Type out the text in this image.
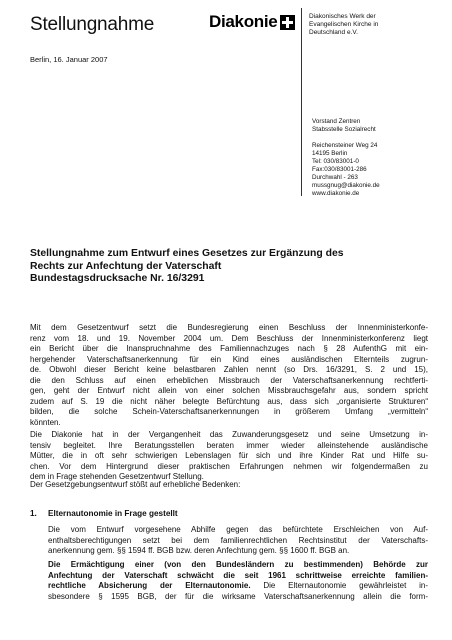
Stellungnahme	Diakonie	Diakonisches Werk der
Evangelischen Kirche in
Deutschland e.V.
Berlin, 16. Januar 2007
Vorstand Zentren
Stabsstelle Sozialrecht
Reichensteiner Weg 24
14195 Berlin
Tel: 030/83001-0
Fax:030/83001-286
Durchwahl - 263
mussgnug@diakonie.de
www.diakonie.de
Stellungnahme zum Entwurf eines Gesetzes zur Ergänzung des
Rechts zur Anfechtung der Vaterschaft
Bundestagsdrucksache Nr. 16/3291
Mit dem Gesetzentwurf setzt die Bundesregierung einen Beschluss der Innenministerkonfe-
renz vom 18. und 19. November 2004 um. Dem Beschluss der Innenministerkonferenz liegt
ein Bericht über die Inanspruchnahme des Familiennachzuges nach § 28 AufenthG mit ein-
hergehender Vaterschaftsanerkennung für ein Kind eines ausländischen Elternteils zugrun-
de. Obwohl dieser Bericht keine belastbaren Zahlen nennt (so Drs. 16/3291, S. 2 und 15),
die den Schluss auf einen erheblichen Missbrauch der Vaterschaftsanerkennung rechtferti-
gen, geht der Entwurf nicht allein von einer solchen Missbrauchsgefahr aus, sondern spricht
zudem auf S. 19 die nicht näher belegte Befürchtung aus, dass sich „organisierte Strukturen“
bilden, die solche Schein-Vaterschaftsanerkennungen in größerem Umfang „vermitteln“
könnten.
Die Diakonie hat in der Vergangenheit das Zuwanderungsgesetz und seine Umsetzung in-
tensiv begleitet. Ihre Beratungsstellen beraten immer wieder alleinstehende ausländische
Mütter, die in oft sehr schwierigen Lebenslagen für sich und ihre Kinder Rat und Hilfe su-
chen. Vor dem Hintergrund dieser praktischen Erfahrungen nehmen wir folgendermaßen zu
dem in Frage stehenden Gesetzentwurf Stellung.
Der Gesetzgebungsentwurf stößt auf erhebliche Bedenken:
1. Elternautonomie in Frage gestellt
Die vom Entwurf vorgesehene Abhilfe gegen das befürchtete Erschleichen von Auf-
enthaltsberechtigungen setzt bei dem familienrechtlichen Rechtsinstitut der Vaterschafts-
anerkennung gem. §§ 1594 ff. BGB bzw. deren Anfechtung gem. §§ 1600 ff. BGB an.
Die Ermächtigung einer (von den Bundesländern zu bestimmenden) Behörde zur
Anfechtung der Vaterschaft schwächt die seit 1961 schrittweise erreichte familien-
rechtliche Absicherung der Elternautonomie. Die Elternautonomie gewährleistet in-
sbesondere § 1595 BGB, der für die wirksame Vaterschaftsanerkennung allein die form-
